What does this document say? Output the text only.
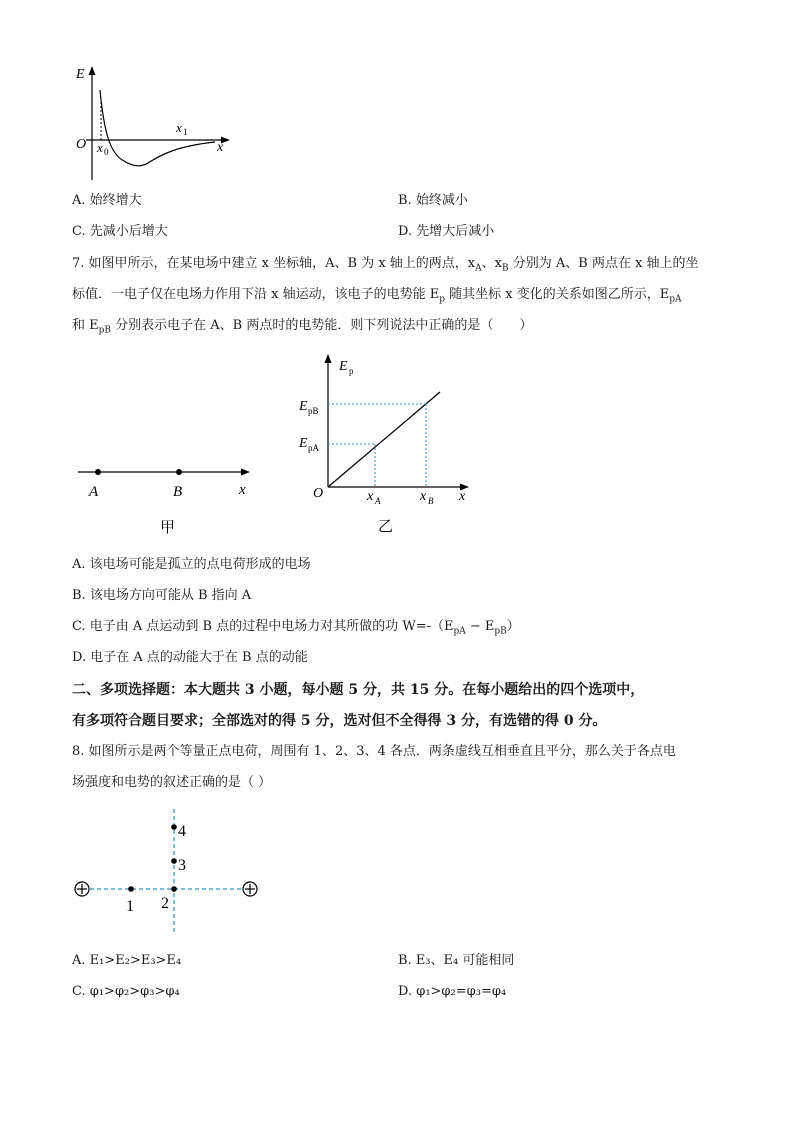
E
O	x
x 0
x 1
A. 始终增大	B. 始终减小
C. 先减小后增大	D. 先增大后减小
7. 如图甲所示，在某电场中建立 x 坐标轴，A、B 为 x 轴上的两点，$x_A$、$x_B$ 分别为 A、B 两点在 x 轴上的坐
标值．一电子仅在电场力作用下沿 x 轴运动，该电子的电势能 $E_p$ 随其坐标 x 变化的关系如图乙所示，$E_{pA}$
和 $E_{pB}$ 分别表示电子在 A、B 两点时的电势能．则下列说法中正确的是（　　）
A	B	x
甲
E p
E pB
E pA
O	x A	x B x
乙
A. 该电场可能是孤立的点电荷形成的电场
B. 该电场方向可能从 B 指向 A
C. 电子由 A 点运动到 B 点的过程中电场力对其所做的功 $W=-(E_{pA} - E_{pB})$
D. 电子在 A 点的动能大于在 B 点的动能
二、多项选择题：本大题共 3 小题，每小题 5 分，共 15 分。在每小题给出的四个选项中，
有多项符合题目要求；全部选对的得 5 分，选对但不全得得 3 分，有选错的得 0 分。
8. 如图所示是两个等量正点电荷，周围有 1、2、3、4 各点．两条虚线互相垂直且平分，那么关于各点电
场强度和电势的叙述正确的是（ ）
1 2
3
4
A. E₁>E₂>E₃>E₄	B. E₃、E₄ 可能相同
C. φ₁>φ₂>φ₃>φ₄	D. φ₁>φ₂=φ₃=φ₄
